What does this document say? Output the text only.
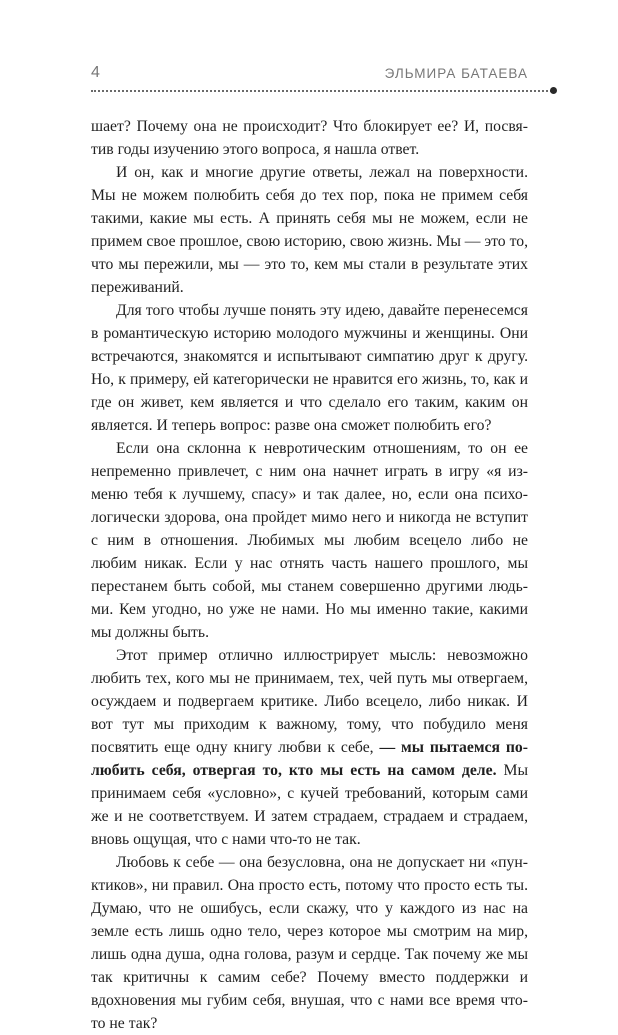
4	ЭЛЬМИРА БАТАЕВА

шает? Почему она не происходит? Что блокирует ее? И, посвятив годы изучению этого вопроса, я нашла ответ.

И он, как и многие другие ответы, лежал на поверхности. Мы не можем полюбить себя до тех пор, пока не примем себя такими, какие мы есть. А принять себя мы не можем, если не примем свое прошлое, свою историю, свою жизнь. Мы — это то, что мы пережили, мы — это то, кем мы стали в результате этих переживаний.

Для того чтобы лучше понять эту идею, давайте перенесемся в романтическую историю молодого мужчины и женщины. Они встречаются, знакомятся и испытывают симпатию друг к другу. Но, к примеру, ей категорически не нравится его жизнь, то, как и где он живет, кем является и что сделало его таким, каким он является. И теперь вопрос: разве она сможет полюбить его?

Если она склонна к невротическим отношениям, то он ее непременно привлечет, с ним она начнет играть в игру «я изменю тебя к лучшему, спасу» и так далее, но, если она психологически здорова, она пройдет мимо него и никогда не вступит с ним в отношения. Любимых мы любим всецело либо не любим никак. Если у нас отнять часть нашего прошлого, мы перестанем быть собой, мы станем совершенно другими людьми. Кем угодно, но уже не нами. Но мы именно такие, какими мы должны быть.

Этот пример отлично иллюстрирует мысль: невозможно любить тех, кого мы не принимаем, тех, чей путь мы отвергаем, осуждаем и подвергаем критике. Либо всецело, либо никак. И вот тут мы приходим к важному, тому, что побудило меня посвятить еще одну книгу любви к себе, — мы пытаемся полюбить себя, отвергая то, кто мы есть на самом деле. Мы принимаем себя «условно», с кучей требований, которым сами же и не соответствуем. И затем страдаем, страдаем и страдаем, вновь ощущая, что с нами что-то не так.

Любовь к себе — она безусловна, она не допускает ни «пунктиков», ни правил. Она просто есть, потому что просто есть ты. Думаю, что не ошибусь, если скажу, что у каждого из нас на земле есть лишь одно тело, через которое мы смотрим на мир, лишь одна душа, одна голова, разум и сердце. Так почему же мы так критичны к самим себе? Почему вместо поддержки и вдохновения мы губим себя, внушая, что с нами все время что-то не так?
